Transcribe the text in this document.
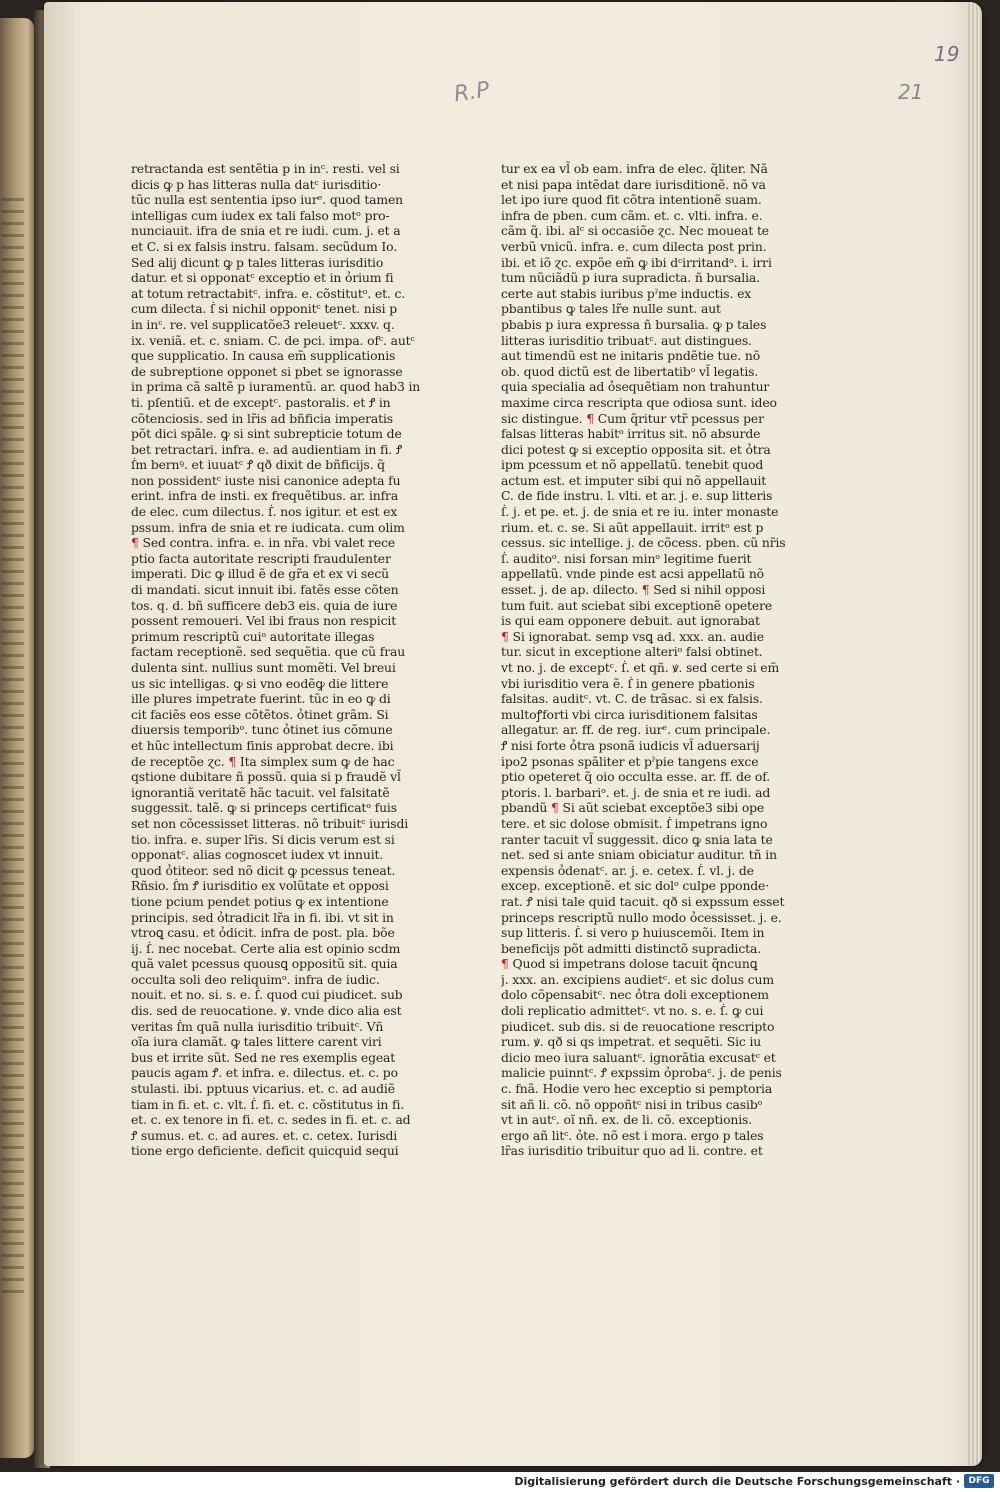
R.P

19

21

retractanda est sentẽtia p in inᶜ. resti. vel si

dicis ꝙ p has litteras nulla datᶜ iurisditio·

tũc nulla est sententia ipso iurᵉ. quod tamen

intelligas cum iudex ex tali falso motᵒ pro-

nunciauit. ifra de snia et re iudi. cum. j. et a

et C. si ex falsis instru. falsam. secũdum Io.

Sed alij dicunt ꝙ p tales litteras iurisditio

datur. et si opponatᶜ exceptio et in ỏrium fi

at totum retractabitᶜ. infra. e. cõstitutᵒ. et. c.

cum dilecta. ẛ si nichil opponitᶜ tenet. nisi p

in inᶜ. re. vel supplicatõe3 releuetᶜ. xxxv. q.

ix. veniã. et. c. sniam. C. de pci. impa. ofᶜ. autᶜ

que supplicatio. In causa em̃ supplicationis

de subreptione opponet si pbet se ignorasse

in prima cã saltẽ p iuramentũ. ar. quod hab3 in

ti. pſentiũ. et de exceptᶜ. pastoralis. et Ꝭ in

cõtenciosis. sed in lr̃is ad bñficia imperatis

põt dici spãle. ꝙ si sint subrepticie totum de

bet retractari. infra. e. ad audientiam in fi. Ꝭ

ẛm bernꝰ. et iuuatᶜ Ꝭ qð dixit de bñficijs. q̃

non possidentᶜ iuste nisi canonice adepta fu

erint. infra de insti. ex frequẽtibus. ar. infra

de elec. cum dilectus. ẛ. nos igitur. et est ex

pssum. infra de snia et re iudicata. cum olim

¶ Sed contra. infra. e. in nr̃a. vbi valet rece

ptio facta autoritate rescripti fraudulenter

imperati. Dic ꝙ illud ẽ de gr̃a et ex vi secũ

di mandati. sicut innuit ibi. fatẽs esse cõten

tos. q. d. bñ sufficere deb3 eis. quia de iure

possent remoueri. Vel ibi fraus non respicit

primum rescriptũ cuiᵒ autoritate illegas

factam receptionẽ. sed sequẽtia. que cũ frau

dulenta sint. nullius sunt momẽti. Vel breui

us sic intelligas. ꝙ si vno eodẽꝙ die littere

ille plures impetrate fuerint. tũc in eo ꝙ di

cit faciẽs eos esse cõtẽtos. ỏtinet grãm. Si

diuersis temporibᵒ. tunc ỏtinet ius cõmune

et hũc intellectum finis approbat decre. ibi

de receptõe ɀc. ¶ Ita simplex sum ꝙ de hac

qstione dubitare ñ possũ. quia si p fraudẽ vl̃

ignorantiã veritatẽ hãc tacuit. vel falsitatẽ

suggessit. talẽ. ꝙ si princeps certificatᵒ fuis

set non cõcessisset litteras. nõ tribuitᶜ iurisdi

tio. infra. e. super lr̃is. Si dicis verum est si

opponatᶜ. alias cognoscet iudex vt innuit.

quod ỏtiteor. sed nõ dicit ꝙ pcessus teneat.

Rñsio. ẛm Ꝭ iurisditio ex volũtate et opposi

tione pcium pendet potius ꝙ ex intentione

principis. sed ỏtradicit lr̃a in fi. ibi. vt sit in

vtroꝗ casu. et ỏdicit. infra de post. pla. bõe

ij. ẛ. nec nocebat. Certe alia est opinio scdm

quã valet pcessus quousꝗ oppositũ sit. quia

occulta soli deo reliquimᵒ. infra de iudic.

nouit. et no. si. s. e. ẛ. quod cui piudicet. sub

dis. sed de reuocatione. ꝟ. vnde dico alia est

veritas ẛm quã nulla iurisditio tribuitᶜ. Vñ

oĩa iura clamãt. ꝙ tales littere carent viri

bus et irrite sũt. Sed ne res exemplis egeat

paucis agam Ꝭ. et infra. e. dilectus. et. c. po

stulasti. ibi. pptuus vicarius. et. c. ad audiẽ

tiam in fi. et. c. vlt. ẛ. fi. et. c. cõstitutus in fi.

et. c. ex tenore in fi. et. c. sedes in fi. et. c. ad

Ꝭ sumus. et. c. ad aures. et. c. cetex. Iurisdi

tione ergo deficiente. deficit quicquid sequi

tur ex ea vl̃ ob eam. infra de elec. q̃liter. Nã

et nisi papa intẽdat dare iurisditionẽ. nõ va

let ipo iure quod fit cõtra intentionẽ suam.

infra de pben. cum cãm. et. c. vlti. infra. e.

cãm q̃. ibi. alᶜ si occasiõe ɀc. Nec moueat te

verbũ vnicũ. infra. e. cum dilecta post prin.

ibi. et iõ ɀc. expõe em̃ ꝙ ibi dᶜirritandᵒ. i. irri

tum nũciãdũ p iura supradicta. ñ bursalia.

certe aut stabis iuribus pˀme inductis. ex

pbantibus ꝙ tales lr̃e nulle sunt. aut

pbabis p iura expressa ñ bursalia. ꝙ p tales

litteras iurisditio tribuatᶜ. aut distingues.

aut timendũ est ne initaris pndẽtie tue. nõ

ob. quod dictũ est de libertatibᵒ vl̃ legatis.

quia specialia ad ỏsequẽtiam non trahuntur

maxime circa rescripta que odiosa sunt. ideo

sic distingue. ¶ Cum q̃ritur vtr̃ pcessus per

falsas litteras habitᵒ irritus sit. nõ absurde

dici potest ꝙ si exceptio opposita sit. et ỏtra

ipm pcessum et nõ appellatũ. tenebit quod

actum est. et imputer sibi qui nõ appellauit

C. de fide instru. l. vlti. et ar. j. e. sup litteris

ẛ. j. et pe. et. j. de snia et re iu. inter monaste

rium. et. c. se. Si aũt appellauit. irritᵒ est p

cessus. sic intellige. j. de cõcess. pben. cũ nr̃is

ẛ. auditoᵒ. nisi forsan minᵒ legitime fuerit

appellatũ. vnde pinde est acsi appellatũ nõ

esset. j. de ap. dilecto. ¶ Sed si nihil opposi

tum fuit. aut sciebat sibi exceptionẽ opetere

is qui eam opponere debuit. aut ignorabat

¶ Si ignorabat. semp vsꝗ ad. xxx. an. audie

tur. sicut in exceptione alteriᵒ falsi obtinet.

vt no. j. de exceptᶜ. ẛ. et qñ. ꝟ. sed certe si em̃

vbi iurisditio vera ẽ. ẛ in genere pbationis

falsitas. auditᶜ. vt. C. de trãsac. si ex falsis.

multoꝭforti vbi circa iurisditionem falsitas

allegatur. ar. ff. de reg. iurᵉ. cum principale.

Ꝭ nisi forte ỏtra psonã iudicis vl̃ aduersarij

ipo2 psonas spãliter et pˀpie tangens exce

ptio opeteret q̃ oio occulta esse. ar. ff. de of.

ptoris. l. barbariᵒ. et. j. de snia et re iudi. ad

pbandũ ¶ Si aũt sciebat exceptõe3 sibi ope

tere. et sic dolose obmisit. ẛ impetrans igno

ranter tacuit vl̃ suggessit. dico ꝙ snia lata te

net. sed si ante sniam obiciatur auditur. tñ in

expensis ỏdenatᶜ. ar. j. e. cetex. ẛ. vl. j. de

excep. exceptionẽ. et sic dolᵒ culpe pponde·

rat. Ꝭ nisi tale quid tacuit. qð si expssum esset

princeps rescriptũ nullo modo ỏcessisset. j. e.

sup litteris. ẛ. si vero p huiuscemõi. Item in

beneficijs põt admitti distinctõ supradicta.

¶ Quod si impetrans dolose tacuit q̃ncunꝗ

j. xxx. an. excipiens audietᶜ. et sic dolus cum

dolo cõpensabitᶜ. nec ỏtra doli exceptionem

doli replicatio admittetᶜ. vt no. s. e. ẛ. ꝙ cui

piudicet. sub dis. si de reuocatione rescripto

rum. ꝟ. qð si qs impetrat. et sequẽti. Sic iu

dicio meo iura saluantᶜ. ignorãtia excusatᶜ et

malicie puinntᶜ. Ꝭ expssim ỏprobaᶜ. j. de penis

c. fnã. Hodie vero hec exceptio si pemptoria

sit añ li. cõ. nõ oppoñtᶜ nisi in tribus casibᵒ

vt in autᶜ. oĩ nñ. ex. de li. cõ. exceptionis.

ergo añ litᶜ. ỏte. nõ est i mora. ergo p tales

lr̃as iurisditio tribuitur quo ad li. contre. et

Digitalisierung gefördert durch die Deutsche Forschungsgemeinschaft · DFG
